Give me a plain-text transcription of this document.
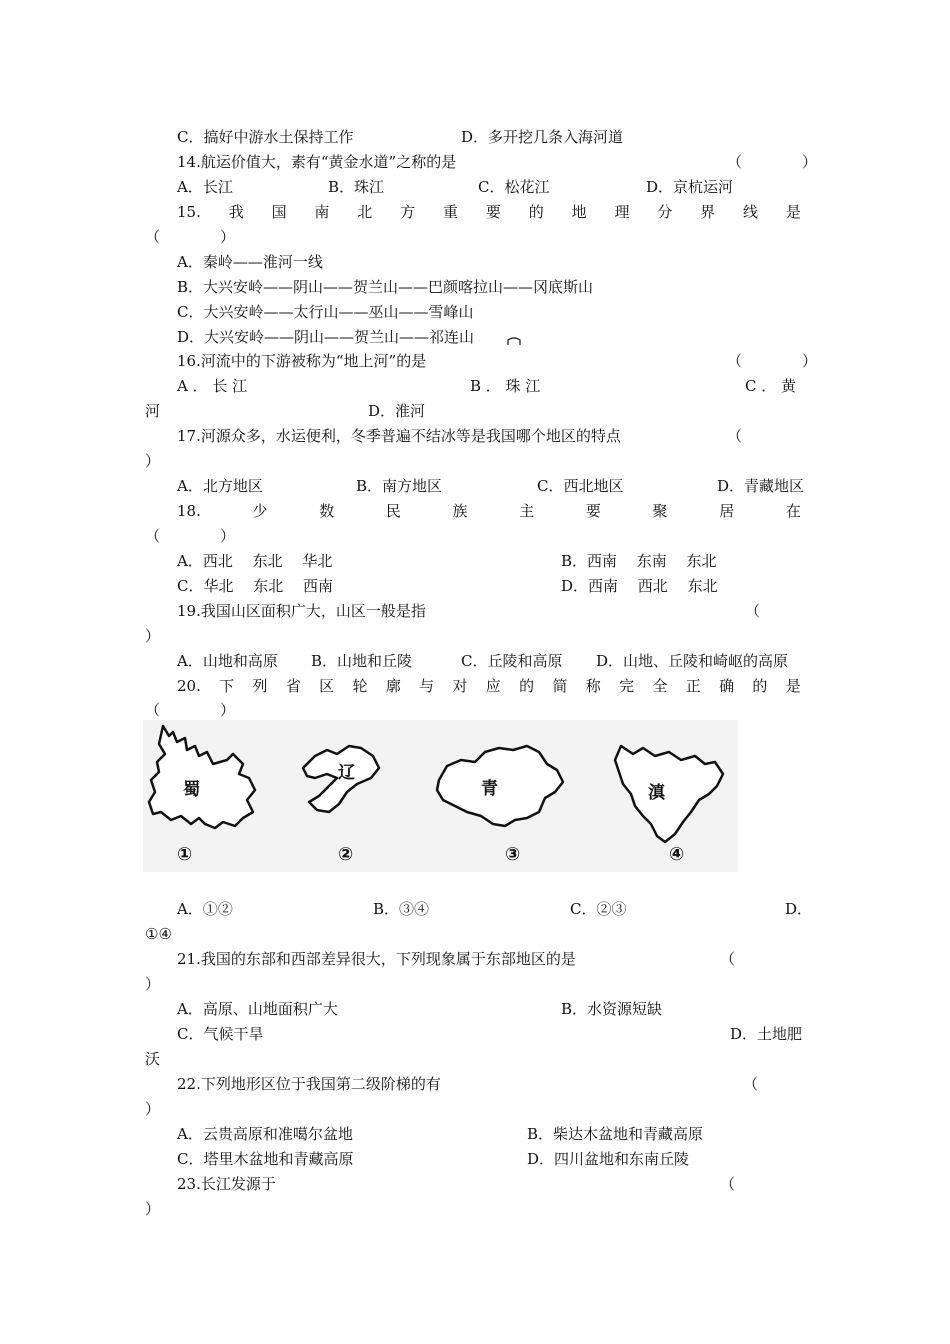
C．搞好中游水土保持工作	D．多开挖几条入海河道
14.航运价值大，素有“黄金水道”之称的是	（　　　　）
A．长江	B．珠江	C．松花江	D．京杭运河
15. 我 国 南 北 方 重 要 的 地 理 分 界 线 是
（　　　　）
A．秦岭——淮河一线
B．大兴安岭——阴山——贺兰山——巴颜喀拉山——冈底斯山
C．大兴安岭——太行山——巫山——雪峰山
D．大兴安岭——阴山——贺兰山——祁连山
16.河流中的下游被称为“地上河”的是	（　　　　）
A ． 长 江	B ． 珠 江	C ． 黄
河	D．淮河
17.河源众多，水运便利，冬季普遍不结冰等是我国哪个地区的特点	（
）
A．北方地区	B．南方地区	C．西北地区	D．青藏地区
18.	少	数	民	族	主	要	聚	居	在
（　　　　）
A．西北　 东北　 华北	B．西南　 东南　 东北
C．华北　 东北　 西南	D．西南　 西北　 东北
19.我国山区面积广大，山区一般是指	（
）
A．山地和高原 B．山地和丘陵	C．丘陵和高原 D．山地、丘陵和崎岖的高原
20. 下 列 省 区 轮 廓 与 对 应 的 简 称 完 全 正 确 的 是
（　　　　）
蜀
辽
青	滇
①	②	③	④
A．①②	B．③④	C．②③	D．
①④
21.我国的东部和西部差异很大，下列现象属于东部地区的是	（
）
A．高原、山地面积广大	B．水资源短缺
C．气候干旱	D．土地肥
沃
22.下列地形区位于我国第二级阶梯的有	（
）
A．云贵高原和准噶尔盆地	B．柴达木盆地和青藏高原
C．塔里木盆地和青藏高原	D．四川盆地和东南丘陵
23.长江发源于	（
）
